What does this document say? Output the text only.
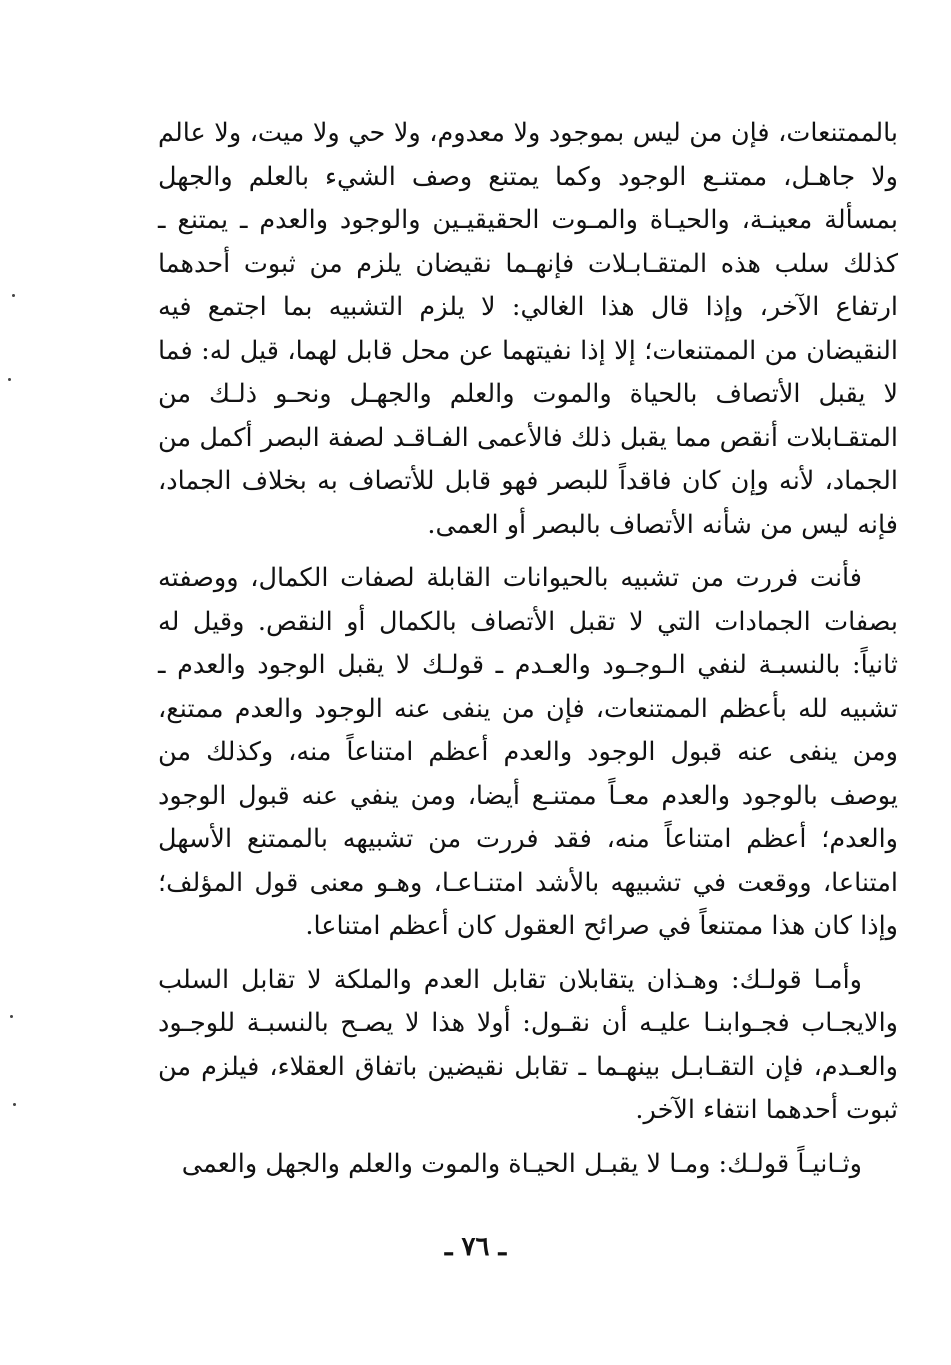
بالممتنعات، فإن من ليس بموجود ولا معدوم، ولا حي ولا ميت، ولا عالم ولا جاهـل، ممتنـع الوجود وكما يمتنع وصف الشيء بالعلم والجهل بمسألة معينـة، والحيـاة والمـوت الحقيقيـين والوجود والعدم ـ يمتنع ـ كذلك سلب هذه المتقـابـلات فإنهـما نقيضان يلزم من ثبوت أحدهما ارتفاع الآخر، وإذا قال هذا الغالي: لا يلزم التشبيه بما اجتمع فيه النقيضان من الممتنعات؛ إلا إذا نفيتهما عن محل قابل لهما، قيل له: فما لا يقبل الأتصاف بالحياة والموت والعلم والجهـل ونحـو ذلـك من المتقـابلات أنقص مما يقبل ذلك فالأعمى الفـاقـد لصفة البصر أكمل من الجماد، لأنه وإن كان فاقداً للبصر فهو قابل للأتصاف به بخلاف الجماد، فإنه ليس من شأنه الأتصاف بالبصر أو العمى.

فأنت فررت من تشبيه بالحيوانات القابلة لصفات الكمال، ووصفته بصفات الجمادات التي لا تقبل الأتصاف بالكمال أو النقص. وقيل له ثانياً: بالنسبـة لنفي الـوجـود والعـدم ـ قولـك لا يقبل الوجود والعدم ـ تشبيه لله بأعظم الممتنعات، فإن من ينفى عنه الوجود والعدم ممتنع، ومن ينفى عنه قبول الوجود والعدم أعظم امتناعاً منه، وكذلك من يوصف بالوجود والعدم معـاً ممتنـع أيضا، ومن ينفي عنه قبول الوجود والعدم؛ أعظم امتناعاً منه، فقد فررت من تشبيهه بالممتنع الأسهل امتناعا، ووقعت في تشبيهه بالأشد امتنـاعـا، وهـو معنى قول المؤلف؛ وإذا كان هذا ممتنعاً في صرائح العقول كان أعظم امتناعا.

وأمـا قولـك: وهـذان يتقابلان تقابل العدم والملكة لا تقابل السلب والايجـاب فجـوابنـا عليـه أن نقـول: أولا هذا لا يصـح بالنسبـة للوجـود والعـدم، فإن التقـابـل بينهـما ـ تقابل نقيضين باتفاق العقلاء، فيلزم من ثبوت أحدهما انتفاء الآخر.

وثـانيـاً قولـك: ومـا لا يقبـل الحيـاة والموت والعلم والجهل والعمى

ـ ٧٦ ـ
